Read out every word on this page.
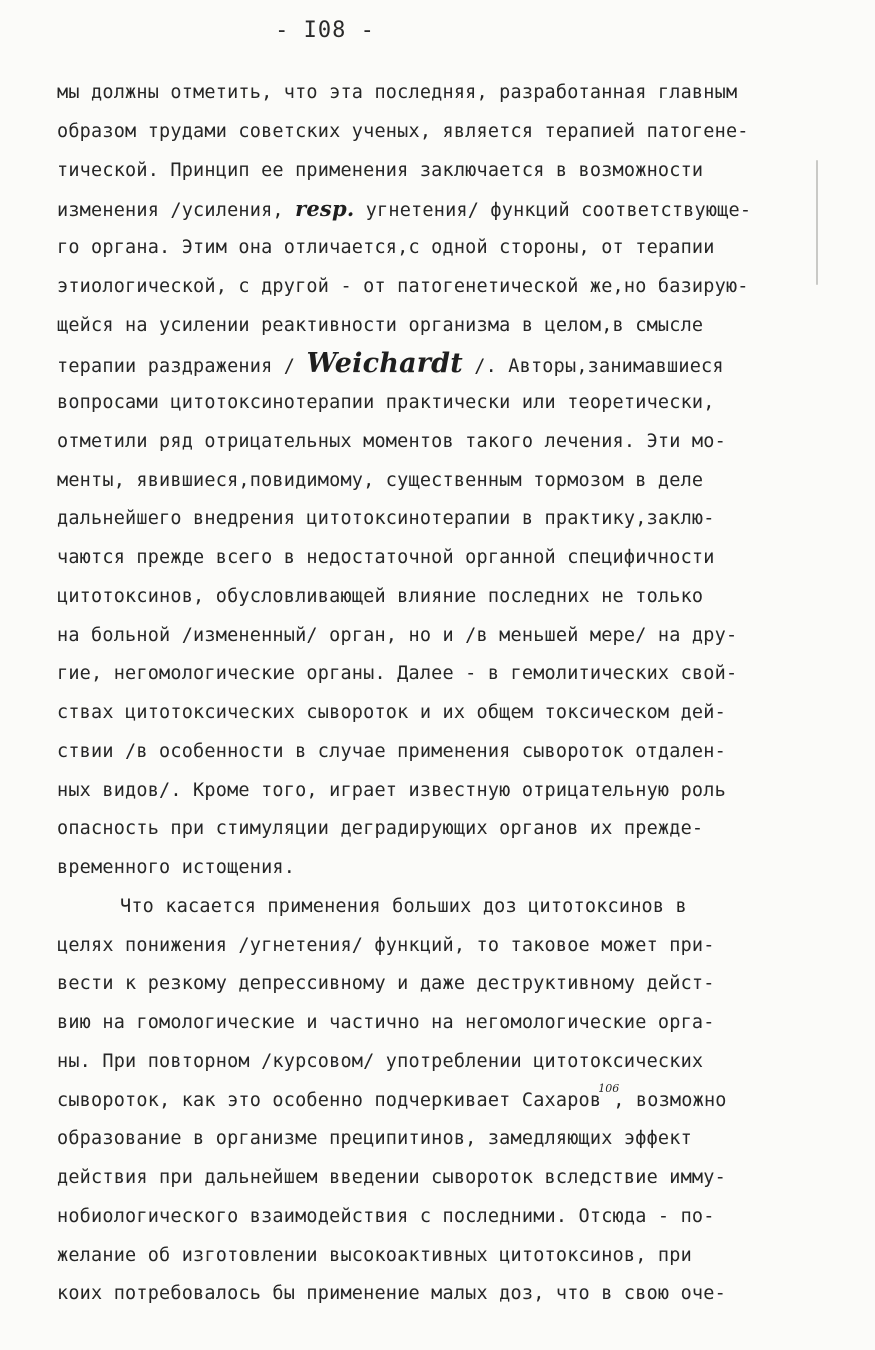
- I08 -
мы должны отметить, что эта последняя, разработанная главным
образом трудами советских ученых, является терапией патогене-
тической. Принцип ее применения заключается в возможности
изменения /усиления, resp. угнетения/ функций соответствующе-
го органа. Этим она отличается,с одной стороны, от терапии
этиологической, с другой - от патогенетической же,но базирую-
щейся на усилении реактивности организма в целом,в смысле
терапии раздражения / Weichardt /. Авторы,занимавшиеся
вопросами цитотоксинотерапии практически или теоретически,
отметили ряд отрицательных моментов такого лечения. Эти мо-
менты, явившиеся,повидимому, существенным тормозом в деле
дальнейшего внедрения цитотоксинотерапии в практику,заклю-
чаются прежде всего в недостаточной органной специфичности
цитотоксинов, обусловливающей влияние последних не только
на больной /измененный/ орган, но и /в меньшей мере/ на дру-
гие, негомологические органы. Далее - в гемолитических свой-
ствах цитотоксических сывороток и их общем токсическом дей-
ствии /в особенности в случае применения сывороток отдален-
ных видов/. Кроме того, играет известную отрицательную роль
опасность при стимуляции деградирующих органов их прежде-
временного истощения.
Что касается применения больших доз цитотоксинов в
целях понижения /угнетения/ функций, то таковое может при-
вести к резкому депрессивному и даже деструктивному дейст-
вию на гомологические и частично на негомологические орга-
ны. При повторном /курсовом/ употреблении цитотоксических
сывороток, как это особенно подчеркивает Сахаров$^{106}$, возможно
образование в организме преципитинов, замедляющих эффект
действия при дальнейшем введении сывороток вследствие имму-
нобиологического взаимодействия с последними. Отсюда - по-
желание об изготовлении высокоактивных цитотоксинов, при
коих потребовалось бы применение малых доз, что в свою оче-
